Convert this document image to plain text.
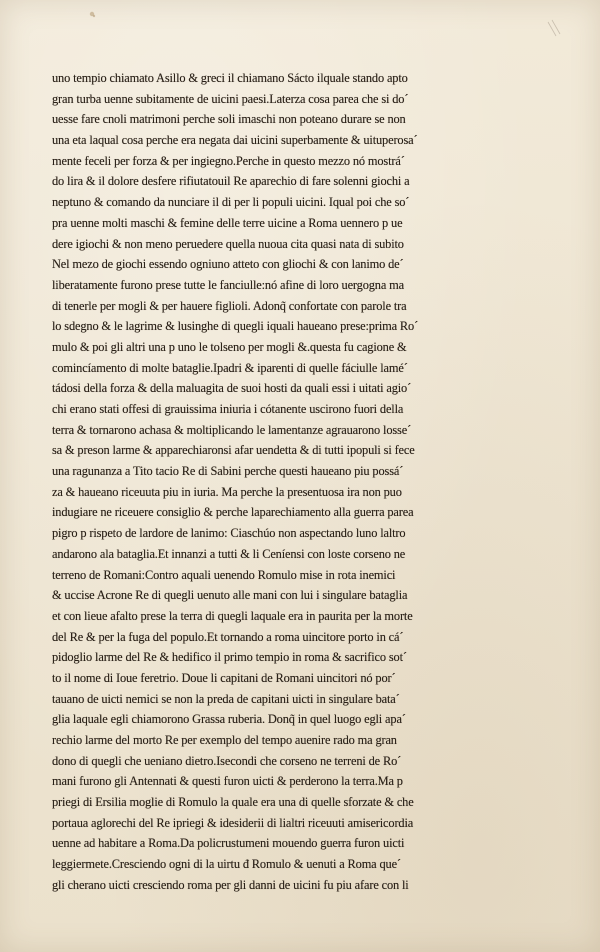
uno tempio chiamato Asillo & greci il chiamano Sácto ilquale stando apto
gran turba uenne subitamente de uicini paesi.Laterza cosa parea che si do´
uesse fare cnoli matrimoni perche soli imaschi non poteano durare se non
una eta laqual cosa perche era negata dai uicini superbamente & uituperosa´
mente feceli per forza & per ingiegno.Perche in questo mezzo nó mostrá´
do lira & il dolore desfere rifiutatouil Re aparechio di fare solenni giochi a
neptuno & comando da nunciare il di per li populi uicini. Iqual poi che so´
pra uenne molti maschi & femine delle terre uicine a Roma uennero p ue
dere igiochi & non meno peruedere quella nuoua cita quasi nata di subito
Nel mezo de giochi essendo ogniuno atteto con gliochi & con lanimo de´
liberatamente furono prese tutte le fanciulle:nó afine di loro uergogna ma
di tenerle per mogli & per hauere figlioli. Adonq̃ confortate con parole tra
lo sdegno & le lagrime & lusinghe di quegli iquali haueano prese:prima Ro´
mulo & poi gli altri una p uno le tolseno per mogli &.questa fu cagione &
comincíamento di molte bataglie.Ipadri & iparenti di quelle fáciulle lamé´
tádosi della forza & della maluagita de suoi hosti da quali essi i uitati agio´
chi erano stati offesi di grauissima iniuria i cótanente uscirono fuori della
terra & tornarono achasa & moltiplicando le lamentanze agrauarono losse´
sa & preson larme & apparechiaronsi afar uendetta & di tutti ipopuli si fece
una ragunanza a Tito tacio Re di Sabini perche questi haueano piu possá´
za & haueano riceuuta piu in iuria. Ma perche la presentuosa ira non puo
indugiare ne riceuere consiglio & perche laparechiamento alla guerra parea
pigro p rispeto de lardore de lanimo: Ciaschúo non aspectando luno laltro
andarono ala bataglia.Et innanzi a tutti & li Ceníensi con loste corseno ne
terreno de Romani:Contro aquali uenendo Romulo mise in rota inemici
& uccise Acrone Re di quegli uenuto alle mani con lui i singulare bataglia
et con lieue afalto prese la terra di quegli laquale era in paurita per la morte
del Re & per la fuga del populo.Et tornando a roma uincitore porto in cá´
pidoglio larme del Re & hedifico il primo tempio in roma & sacrifico sot´
to il nome di Ioue feretrio. Doue li capitani de Romani uincitori nó por´
tauano de uicti nemici se non la preda de capitani uicti in singulare bata´
glia laquale egli chiamorono Grassa ruberia. Donq̃ in quel luogo egli apa´
rechio larme del morto Re per exemplo del tempo auenire rado ma gran
dono di quegli che ueniano dietro.Isecondi che corseno ne terreni de Ro´
mani furono gli Antennati & questi furon uicti & perderono la terra.Ma p
priegi di Ersilia moglie di Romulo la quale era una di quelle sforzate & che
portaua aglorechi del Re ipriegi & idesiderii di lialtri riceuuti amisericordia
uenne ad habitare a Roma.Da policrustumeni mouendo guerra furon uicti
leggiermete.Cresciendo ogni di la uirtu đ Romulo & uenuti a Roma que´
gli cherano uicti cresciendo roma per gli danni de uicini fu piu afare con li
